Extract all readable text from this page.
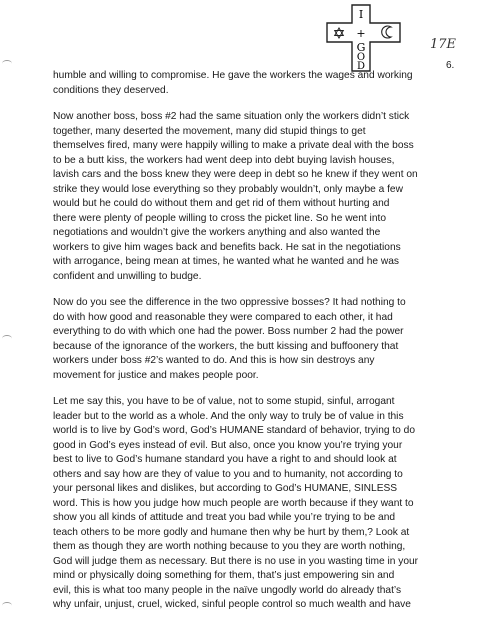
I
+
G
O
D
17E
6.

humble and willing to compromise. He gave the workers the wages and working
conditions they deserved.

Now another boss, boss #2 had the same situation only the workers didn’t stick
together, many deserted the movement, many did stupid things to get
themselves fired, many were happily willing to make a private deal with the boss
to be a butt kiss, the workers had went deep into debt buying lavish houses,
lavish cars and the boss knew they were deep in debt so he knew if they went on
strike they would lose everything so they probably wouldn’t, only maybe a few
would but he could do without them and get rid of them without hurting and
there were plenty of people willing to cross the picket line. So he went into
negotiations and wouldn’t give the workers anything and also wanted the
workers to give him wages back and benefits back. He sat in the negotiations
with arrogance, being mean at times, he wanted what he wanted and he was
confident and unwilling to budge.

Now do you see the difference in the two oppressive bosses? It had nothing to
do with how good and reasonable they were compared to each other, it had
everything to do with which one had the power. Boss number 2 had the power
because of the ignorance of the workers, the butt kissing and buffoonery that
workers under boss #2’s wanted to do. And this is how sin destroys any
movement for justice and makes people poor.

Let me say this, you have to be of value, not to some stupid, sinful, arrogant
leader but to the world as a whole. And the only way to truly be of value in this
world is to live by God’s word, God’s HUMANE standard of behavior, trying to do
good in God’s eyes instead of evil. But also, once you know you’re trying your
best to live to God’s humane standard you have a right to and should look at
others and say how are they of value to you and to humanity, not according to
your personal likes and dislikes, but according to God’s HUMANE, SINLESS
word. This is how you judge how much people are worth because if they want to
show you all kinds of attitude and treat you bad while you’re trying to be and
teach others to be more godly and humane then why be hurt by them,? Look at
them as though they are worth nothing because to you they are worth nothing,
God will judge them as necessary. But there is no use in you wasting time in your
mind or physically doing something for them, that’s just empowering sin and
evil, this is what too many people in the naïve ungodly world do already that’s
why unfair, unjust, cruel, wicked, sinful people control so much wealth and have
